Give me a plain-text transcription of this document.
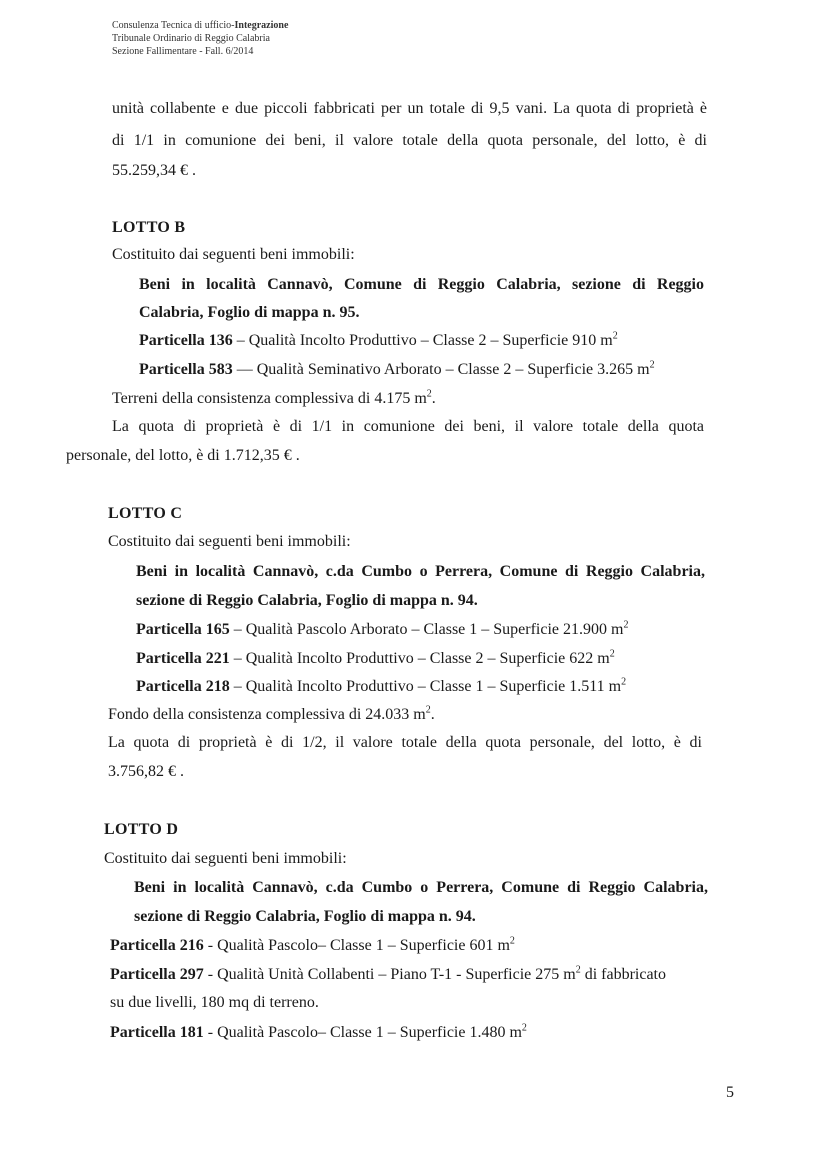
Consulenza Tecnica di ufficio-Integrazione
Tribunale Ordinario di Reggio Calabria
Sezione Fallimentare - Fall. 6/2014
unità collabente e due piccoli fabbricati per un totale di 9,5 vani. La quota di proprietà è
di 1/1 in comunione dei beni, il valore totale della quota personale, del lotto, è di
55.259,34 € .
LOTTO B
Costituito dai seguenti beni immobili:
Beni in località Cannavò, Comune di Reggio Calabria, sezione di Reggio
Calabria, Foglio di mappa n. 95.
Particella 136 – Qualità Incolto Produttivo – Classe 2 – Superficie 910 $m^2$
Particella 583 — Qualità Seminativo Arborato – Classe 2 – Superficie 3.265 $m^2$
Terreni della consistenza complessiva di 4.175 $m^2$.
La quota di proprietà è di 1/1 in comunione dei beni, il valore totale della quota
personale, del lotto, è di 1.712,35 € .
LOTTO C
Costituito dai seguenti beni immobili:
Beni in località Cannavò, c.da Cumbo o Perrera, Comune di Reggio Calabria,
sezione di Reggio Calabria, Foglio di mappa n. 94.
Particella 165 – Qualità Pascolo Arborato – Classe 1 – Superficie 21.900 $m^2$
Particella 221 – Qualità Incolto Produttivo – Classe 2 – Superficie 622 $m^2$
Particella 218 – Qualità Incolto Produttivo – Classe 1 – Superficie 1.511 $m^2$
Fondo della consistenza complessiva di 24.033 $m^2$.
La quota di proprietà è di 1/2, il valore totale della quota personale, del lotto, è di
3.756,82 € .
LOTTO D
Costituito dai seguenti beni immobili:
Beni in località Cannavò, c.da Cumbo o Perrera, Comune di Reggio Calabria,
sezione di Reggio Calabria, Foglio di mappa n. 94.
Particella 216 - Qualità Pascolo– Classe 1 – Superficie 601 $m^2$
Particella 297 - Qualità Unità Collabenti – Piano T-1 - Superficie 275 $m^2$ di fabbricato
su due livelli, 180 mq di terreno.
Particella 181 - Qualità Pascolo– Classe 1 – Superficie 1.480 $m^2$
5
